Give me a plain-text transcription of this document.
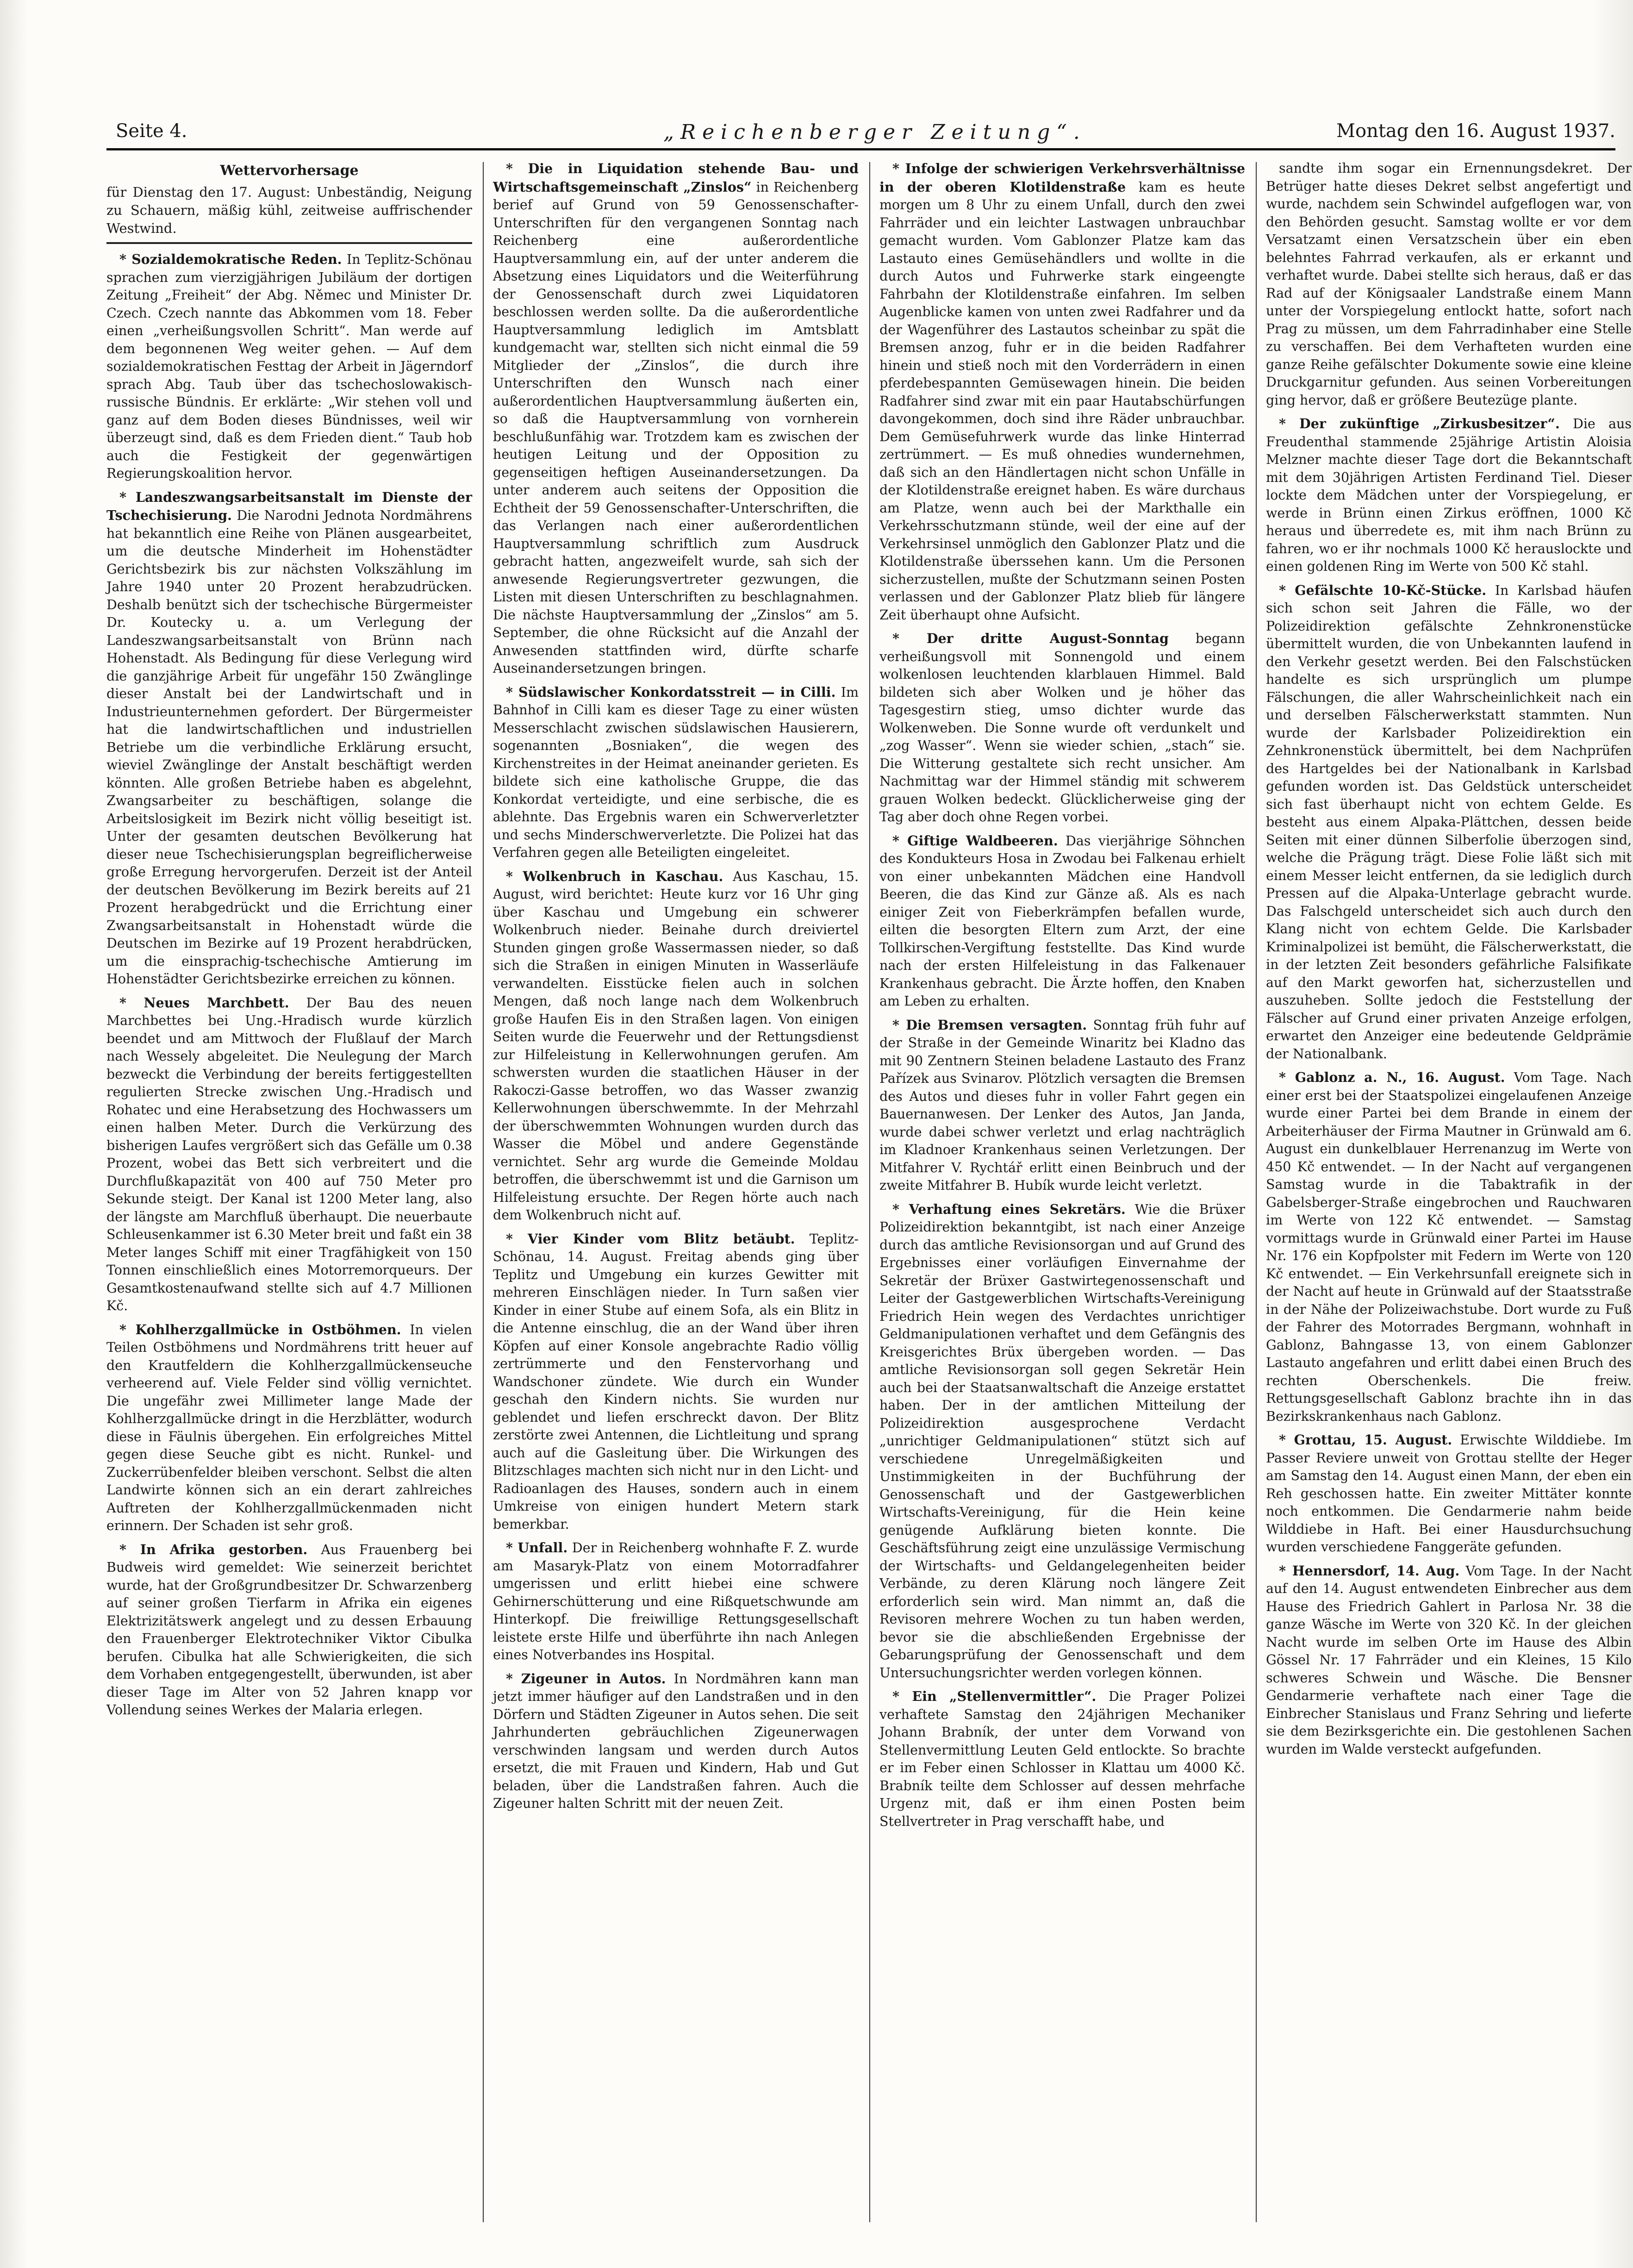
Seite 4.	„Reichenberger Zeitung“.	Montag den 16. August 1937.
Wettervorhersage
für Dienstag den 17. August: Unbeständig, Neigung zu Schauern, mäßig kühl, zeitweise auffrischender Westwind.

* Sozialdemokratische Reden. In Teplitz-Schönau sprachen zum vierzigjährigen Jubiläum der dortigen Zeitung „Freiheit“ der Abg. Němec und Minister Dr. Czech. Czech nannte das Abkommen vom 18. Feber einen „verheißungsvollen Schritt“. Man werde auf dem begonnenen Weg weiter gehen. — Auf dem sozialdemokratischen Festtag der Arbeit in Jägerndorf sprach Abg. Taub über das tschechoslowakisch-russische Bündnis. Er erklärte: „Wir stehen voll und ganz auf dem Boden dieses Bündnisses, weil wir überzeugt sind, daß es dem Frieden dient.“ Taub hob auch die Festigkeit der gegenwärtigen Regierungskoalition hervor.

* Landeszwangsarbeitsanstalt im Dienste der Tschechisierung. Die Narodni Jednota Nordmährens hat bekanntlich eine Reihe von Plänen ausgearbeitet, um die deutsche Minderheit im Hohenstädter Gerichtsbezirk bis zur nächsten Volkszählung im Jahre 1940 unter 20 Prozent herabzudrücken. Deshalb benützt sich der tschechische Bürgermeister Dr. Koutecky u. a. um Verlegung der Landeszwangsarbeitsanstalt von Brünn nach Hohenstadt. Als Bedingung für diese Verlegung wird die ganzjährige Arbeit für ungefähr 150 Zwänglinge dieser Anstalt bei der Landwirtschaft und in Industrieunternehmen gefordert. Der Bürgermeister hat die landwirtschaftlichen und industriellen Betriebe um die verbindliche Erklärung ersucht, wieviel Zwänglinge der Anstalt beschäftigt werden könnten. Alle großen Betriebe haben es abgelehnt, Zwangsarbeiter zu beschäftigen, solange die Arbeitslosigkeit im Bezirk nicht völlig beseitigt ist. Unter der gesamten deutschen Bevölkerung hat dieser neue Tschechisierungsplan begreiflicherweise große Erregung hervorgerufen. Derzeit ist der Anteil der deutschen Bevölkerung im Bezirk bereits auf 21 Prozent herabgedrückt und die Errichtung einer Zwangsarbeitsanstalt in Hohenstadt würde die Deutschen im Bezirke auf 19 Prozent herabdrücken, um die einsprachig-tschechische Amtierung im Hohenstädter Gerichtsbezirke erreichen zu können.

* Neues Marchbett. Der Bau des neuen Marchbettes bei Ung.-Hradisch wurde kürzlich beendet und am Mittwoch der Flußlauf der March nach Wessely abgeleitet. Die Neulegung der March bezweckt die Verbindung der bereits fertiggestellten regulierten Strecke zwischen Ung.-Hradisch und Rohatec und eine Herabsetzung des Hochwassers um einen halben Meter. Durch die Verkürzung des bisherigen Laufes vergrößert sich das Gefälle um 0.38 Prozent, wobei das Bett sich verbreitert und die Durchflußkapazität von 400 auf 750 Meter pro Sekunde steigt. Der Kanal ist 1200 Meter lang, also der längste am Marchfluß überhaupt. Die neuerbaute Schleusenkammer ist 6.30 Meter breit und faßt ein 38 Meter langes Schiff mit einer Tragfähigkeit von 150 Tonnen einschließlich eines Motorremorqueurs. Der Gesamtkostenaufwand stellte sich auf 4.7 Millionen Kč.

* Kohlherzgallmücke in Ostböhmen. In vielen Teilen Ostböhmens und Nordmährens tritt heuer auf den Krautfeldern die Kohlherzgallmückenseuche verheerend auf. Viele Felder sind völlig vernichtet. Die ungefähr zwei Millimeter lange Made der Kohlherzgallmücke dringt in die Herzblätter, wodurch diese in Fäulnis übergehen. Ein erfolgreiches Mittel gegen diese Seuche gibt es nicht. Runkel- und Zuckerrübenfelder bleiben verschont. Selbst die alten Landwirte können sich an ein derart zahlreiches Auftreten der Kohlherzgallmückenmaden nicht erinnern. Der Schaden ist sehr groß.

* In Afrika gestorben. Aus Frauenberg bei Budweis wird gemeldet: Wie seinerzeit berichtet wurde, hat der Großgrundbesitzer Dr. Schwarzenberg auf seiner großen Tierfarm in Afrika ein eigenes Elektrizitätswerk angelegt und zu dessen Erbauung den Frauenberger Elektrotechniker Viktor Cibulka berufen. Cibulka hat alle Schwierigkeiten, die sich dem Vorhaben entgegengestellt, überwunden, ist aber dieser Tage im Alter von 52 Jahren knapp vor Vollendung seines Werkes der Malaria erlegen.

* Die in Liquidation stehende Bau- und Wirtschaftsgemeinschaft „Zinslos“ in Reichenberg berief auf Grund von 59 Genossenschafter-Unterschriften für den vergangenen Sonntag nach Reichenberg eine außerordentliche Hauptversammlung ein, auf der unter anderem die Absetzung eines Liquidators und die Weiterführung der Genossenschaft durch zwei Liquidatoren beschlossen werden sollte. Da die außerordentliche Hauptversammlung lediglich im Amtsblatt kundgemacht war, stellten sich nicht einmal die 59 Mitglieder der „Zinslos“, die durch ihre Unterschriften den Wunsch nach einer außerordentlichen Hauptversammlung äußerten ein, so daß die Hauptversammlung von vornherein beschlußunfähig war. Trotzdem kam es zwischen der heutigen Leitung und der Opposition zu gegenseitigen heftigen Auseinandersetzungen. Da unter anderem auch seitens der Opposition die Echtheit der 59 Genossenschafter-Unterschriften, die das Verlangen nach einer außerordentlichen Hauptversammlung schriftlich zum Ausdruck gebracht hatten, angezweifelt wurde, sah sich der anwesende Regierungsvertreter gezwungen, die Listen mit diesen Unterschriften zu beschlagnahmen. Die nächste Hauptversammlung der „Zinslos“ am 5. September, die ohne Rücksicht auf die Anzahl der Anwesenden stattfinden wird, dürfte scharfe Auseinandersetzungen bringen.

* Südslawischer Konkordatsstreit — in Cilli. Im Bahnhof in Cilli kam es dieser Tage zu einer wüsten Messerschlacht zwischen südslawischen Hausierern, sogenannten „Bosniaken“, die wegen des Kirchenstreites in der Heimat aneinander gerieten. Es bildete sich eine katholische Gruppe, die das Konkordat verteidigte, und eine serbische, die es ablehnte. Das Ergebnis waren ein Schwerverletzter und sechs Minderschwerverletzte. Die Polizei hat das Verfahren gegen alle Beteiligten eingeleitet.

* Wolkenbruch in Kaschau. Aus Kaschau, 15. August, wird berichtet: Heute kurz vor 16 Uhr ging über Kaschau und Umgebung ein schwerer Wolkenbruch nieder. Beinahe durch dreiviertel Stunden gingen große Wassermassen nieder, so daß sich die Straßen in einigen Minuten in Wasserläufe verwandelten. Eisstücke fielen auch in solchen Mengen, daß noch lange nach dem Wolkenbruch große Haufen Eis in den Straßen lagen. Von einigen Seiten wurde die Feuerwehr und der Rettungsdienst zur Hilfeleistung in Kellerwohnungen gerufen. Am schwersten wurden die staatlichen Häuser in der Rakoczi-Gasse betroffen, wo das Wasser zwanzig Kellerwohnungen überschwemmte. In der Mehrzahl der überschwemmten Wohnungen wurden durch das Wasser die Möbel und andere Gegenstände vernichtet. Sehr arg wurde die Gemeinde Moldau betroffen, die überschwemmt ist und die Garnison um Hilfeleistung ersuchte. Der Regen hörte auch nach dem Wolkenbruch nicht auf.

* Vier Kinder vom Blitz betäubt. Teplitz-Schönau, 14. August. Freitag abends ging über Teplitz und Umgebung ein kurzes Gewitter mit mehreren Einschlägen nieder. In Turn saßen vier Kinder in einer Stube auf einem Sofa, als ein Blitz in die Antenne einschlug, die an der Wand über ihren Köpfen auf einer Konsole angebrachte Radio völlig zertrümmerte und den Fenstervorhang und Wandschoner zündete. Wie durch ein Wunder geschah den Kindern nichts. Sie wurden nur geblendet und liefen erschreckt davon. Der Blitz zerstörte zwei Antennen, die Lichtleitung und sprang auch auf die Gasleitung über. Die Wirkungen des Blitzschlages machten sich nicht nur in den Licht- und Radioanlagen des Hauses, sondern auch in einem Umkreise von einigen hundert Metern stark bemerkbar.

* Unfall. Der in Reichenberg wohnhafte F. Z. wurde am Masaryk-Platz von einem Motorradfahrer umgerissen und erlitt hiebei eine schwere Gehirnerschütterung und eine Rißquetschwunde am Hinterkopf. Die freiwillige Rettungsgesellschaft leistete erste Hilfe und überführte ihn nach Anlegen eines Notverbandes ins Hospital.

* Zigeuner in Autos. In Nordmähren kann man jetzt immer häufiger auf den Landstraßen und in den Dörfern und Städten Zigeuner in Autos sehen. Die seit Jahrhunderten gebräuchlichen Zigeunerwagen verschwinden langsam und werden durch Autos ersetzt, die mit Frauen und Kindern, Hab und Gut beladen, über die Landstraßen fahren. Auch die Zigeuner halten Schritt mit der neuen Zeit.

* Infolge der schwierigen Verkehrsverhältnisse in der oberen Klotildenstraße kam es heute morgen um 8 Uhr zu einem Unfall, durch den zwei Fahrräder und ein leichter Lastwagen unbrauchbar gemacht wurden. Vom Gablonzer Platze kam das Lastauto eines Gemüsehändlers und wollte in die durch Autos und Fuhrwerke stark eingeengte Fahrbahn der Klotildenstraße einfahren. Im selben Augenblicke kamen von unten zwei Radfahrer und da der Wagenführer des Lastautos scheinbar zu spät die Bremsen anzog, fuhr er in die beiden Radfahrer hinein und stieß noch mit den Vorderrädern in einen pferdebespannten Gemüsewagen hinein. Die beiden Radfahrer sind zwar mit ein paar Hautabschürfungen davongekommen, doch sind ihre Räder unbrauchbar. Dem Gemüsefuhrwerk wurde das linke Hinterrad zertrümmert. — Es muß ohnedies wundernehmen, daß sich an den Händlertagen nicht schon Unfälle in der Klotildenstraße ereignet haben. Es wäre durchaus am Platze, wenn auch bei der Markthalle ein Verkehrsschutzmann stünde, weil der eine auf der Verkehrsinsel unmöglich den Gablonzer Platz und die Klotildenstraße überssehen kann. Um die Personen sicherzustellen, mußte der Schutzmann seinen Posten verlassen und der Gablonzer Platz blieb für längere Zeit überhaupt ohne Aufsicht.

* Der dritte August-Sonntag begann verheißungsvoll mit Sonnengold und einem wolkenlosen leuchtenden klarblauen Himmel. Bald bildeten sich aber Wolken und je höher das Tagesgestirn stieg, umso dichter wurde das Wolkenweben. Die Sonne wurde oft verdunkelt und „zog Wasser“. Wenn sie wieder schien, „stach“ sie. Die Witterung gestaltete sich recht unsicher. Am Nachmittag war der Himmel ständig mit schwerem grauen Wolken bedeckt. Glücklicherweise ging der Tag aber doch ohne Regen vorbei.

* Giftige Waldbeeren. Das vierjährige Söhnchen des Kondukteurs Hosa in Zwodau bei Falkenau erhielt von einer unbekannten Mädchen eine Handvoll Beeren, die das Kind zur Gänze aß. Als es nach einiger Zeit von Fieberkrämpfen befallen wurde, eilten die besorgten Eltern zum Arzt, der eine Tollkirschen-Vergiftung feststellte. Das Kind wurde nach der ersten Hilfeleistung in das Falkenauer Krankenhaus gebracht. Die Ärzte hoffen, den Knaben am Leben zu erhalten.

* Die Bremsen versagten. Sonntag früh fuhr auf der Straße in der Gemeinde Winaritz bei Kladno das mit 90 Zentnern Steinen beladene Lastauto des Franz Pařízek aus Svinarov. Plötzlich versagten die Bremsen des Autos und dieses fuhr in voller Fahrt gegen ein Bauernanwesen. Der Lenker des Autos, Jan Janda, wurde dabei schwer verletzt und erlag nachträglich im Kladnoer Krankenhaus seinen Verletzungen. Der Mitfahrer V. Rychtář erlitt einen Beinbruch und der zweite Mitfahrer B. Hubík wurde leicht verletzt.

* Verhaftung eines Sekretärs. Wie die Brüxer Polizeidirektion bekanntgibt, ist nach einer Anzeige durch das amtliche Revisionsorgan und auf Grund des Ergebnisses einer vorläufigen Einvernahme der Sekretär der Brüxer Gastwirtegenossenschaft und Leiter der Gastgewerblichen Wirtschafts-Vereinigung Friedrich Hein wegen des Verdachtes unrichtiger Geldmanipulationen verhaftet und dem Gefängnis des Kreisgerichtes Brüx übergeben worden. — Das amtliche Revisionsorgan soll gegen Sekretär Hein auch bei der Staatsanwaltschaft die Anzeige erstattet haben. Der in der amtlichen Mitteilung der Polizeidirektion ausgesprochene Verdacht „unrichtiger Geldmanipulationen“ stützt sich auf verschiedene Unregelmäßigkeiten und Unstimmigkeiten in der Buchführung der Genossenschaft und der Gastgewerblichen Wirtschafts-Vereinigung, für die Hein keine genügende Aufklärung bieten konnte. Die Geschäftsführung zeigt eine unzulässige Vermischung der Wirtschafts- und Geldangelegenheiten beider Verbände, zu deren Klärung noch längere Zeit erforderlich sein wird. Man nimmt an, daß die Revisoren mehrere Wochen zu tun haben werden, bevor sie die abschließenden Ergebnisse der Gebarungsprüfung der Genossenschaft und dem Untersuchungsrichter werden vorlegen können.

* Ein „Stellenvermittler“. Die Prager Polizei verhaftete Samstag den 24jährigen Mechaniker Johann Brabník, der unter dem Vorwand von Stellenvermittlung Leuten Geld entlockte. So brachte er im Feber einen Schlosser in Klattau um 4000 Kč. Brabník teilte dem Schlosser auf dessen mehrfache Urgenz mit, daß er ihm einen Posten beim Stellvertreter in Prag verschafft habe, und

sandte ihm sogar ein Ernennungsdekret. Der Betrüger hatte dieses Dekret selbst angefertigt und wurde, nachdem sein Schwindel aufgeflogen war, von den Behörden gesucht. Samstag wollte er vor dem Versatzamt einen Versatzschein über ein eben belehntes Fahrrad verkaufen, als er erkannt und verhaftet wurde. Dabei stellte sich heraus, daß er das Rad auf der Königsaaler Landstraße einem Mann unter der Vorspiegelung entlockt hatte, sofort nach Prag zu müssen, um dem Fahrradinhaber eine Stelle zu verschaffen. Bei dem Verhafteten wurden eine ganze Reihe gefälschter Dokumente sowie eine kleine Druckgarnitur gefunden. Aus seinen Vorbereitungen ging hervor, daß er größere Beutezüge plante.

* Der zukünftige „Zirkusbesitzer“. Die aus Freudenthal stammende 25jährige Artistin Aloisia Melzner machte dieser Tage dort die Bekanntschaft mit dem 30jährigen Artisten Ferdinand Tiel. Dieser lockte dem Mädchen unter der Vorspiegelung, er werde in Brünn einen Zirkus eröffnen, 1000 Kč heraus und überredete es, mit ihm nach Brünn zu fahren, wo er ihr nochmals 1000 Kč herauslockte und einen goldenen Ring im Werte von 500 Kč stahl.

* Gefälschte 10-Kč-Stücke. In Karlsbad häufen sich schon seit Jahren die Fälle, wo der Polizeidirektion gefälschte Zehnkronenstücke übermittelt wurden, die von Unbekannten laufend in den Verkehr gesetzt werden. Bei den Falschstücken handelte es sich ursprünglich um plumpe Fälschungen, die aller Wahrscheinlichkeit nach ein und derselben Fälscherwerkstatt stammten. Nun wurde der Karlsbader Polizeidirektion ein Zehnkronenstück übermittelt, bei dem Nachprüfen des Hartgeldes bei der Nationalbank in Karlsbad gefunden worden ist. Das Geldstück unterscheidet sich fast überhaupt nicht von echtem Gelde. Es besteht aus einem Alpaka-Plättchen, dessen beide Seiten mit einer dünnen Silberfolie überzogen sind, welche die Prägung trägt. Diese Folie läßt sich mit einem Messer leicht entfernen, da sie lediglich durch Pressen auf die Alpaka-Unterlage gebracht wurde. Das Falschgeld unterscheidet sich auch durch den Klang nicht von echtem Gelde. Die Karlsbader Kriminalpolizei ist bemüht, die Fälscherwerkstatt, die in der letzten Zeit besonders gefährliche Falsifikate auf den Markt geworfen hat, sicherzustellen und auszuheben. Sollte jedoch die Feststellung der Fälscher auf Grund einer privaten Anzeige erfolgen, erwartet den Anzeiger eine bedeutende Geldprämie der Nationalbank.

* Gablonz a. N., 16. August. Vom Tage. Nach einer erst bei der Staatspolizei eingelaufenen Anzeige wurde einer Partei bei dem Brande in einem der Arbeiterhäuser der Firma Mautner in Grünwald am 6. August ein dunkelblauer Herrenanzug im Werte von 450 Kč entwendet. — In der Nacht auf vergangenen Samstag wurde in die Tabaktrafik in der Gabelsberger-Straße eingebrochen und Rauchwaren im Werte von 122 Kč entwendet. — Samstag vormittags wurde in Grünwald einer Partei im Hause Nr. 176 ein Kopfpolster mit Federn im Werte von 120 Kč entwendet. — Ein Verkehrsunfall ereignete sich in der Nacht auf heute in Grünwald auf der Staatsstraße in der Nähe der Polizeiwachstube. Dort wurde zu Fuß der Fahrer des Motorrades Bergmann, wohnhaft in Gablonz, Bahngasse 13, von einem Gablonzer Lastauto angefahren und erlitt dabei einen Bruch des rechten Oberschenkels. Die freiw. Rettungsgesellschaft Gablonz brachte ihn in das Bezirkskrankenhaus nach Gablonz.

* Grottau, 15. August. Erwischte Wilddiebe. Im Passer Reviere unweit von Grottau stellte der Heger am Samstag den 14. August einen Mann, der eben ein Reh geschossen hatte. Ein zweiter Mittäter konnte noch entkommen. Die Gendarmerie nahm beide Wilddiebe in Haft. Bei einer Hausdurchsuchung wurden verschiedene Fanggeräte gefunden.

* Hennersdorf, 14. Aug. Vom Tage. In der Nacht auf den 14. August entwendeten Einbrecher aus dem Hause des Friedrich Gahlert in Parlosa Nr. 38 die ganze Wäsche im Werte von 320 Kč. In der gleichen Nacht wurde im selben Orte im Hause des Albin Gössel Nr. 17 Fahrräder und ein Kleines, 15 Kilo schweres Schwein und Wäsche. Die Bensner Gendarmerie verhaftete nach einer Tage die Einbrecher Stanislaus und Franz Sehring und lieferte sie dem Bezirksgerichte ein. Die gestohlenen Sachen wurden im Walde versteckt aufgefunden.
